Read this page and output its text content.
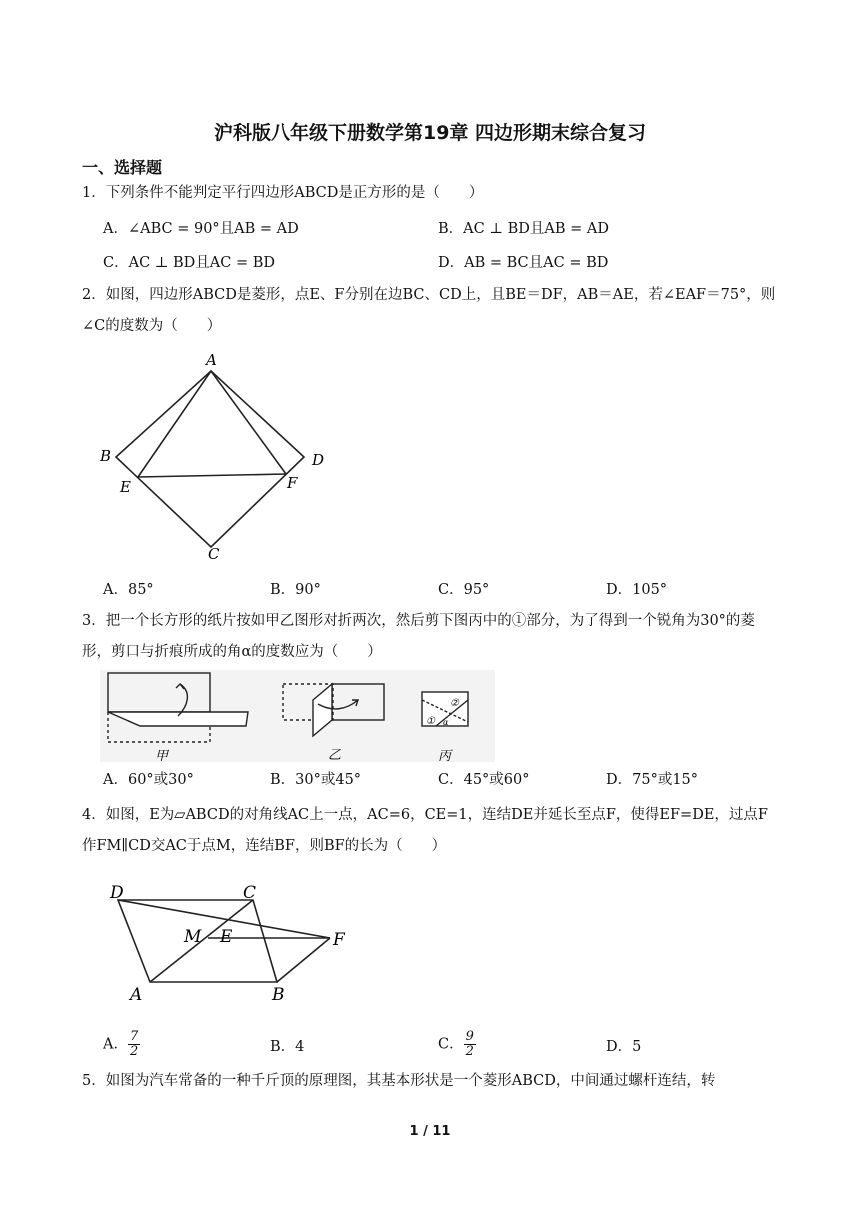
沪科版八年级下册数学第19章 四边形期末综合复习
一、选择题
1．下列条件不能判定平行四边形ABCD是正方形的是（　　）
A．∠ABC = 90°且AB = AD	B．AC ⊥ BD且AB = AD
C．AC ⊥ BD且AC = BD	D．AB = BC且AC = BD
2．如图，四边形ABCD是菱形，点E、F分别在边BC、CD上，且BE＝DF，AB＝AE，若∠EAF＝75°，则∠C的度数为（　　）
A
B
C
D
E	F
A．85°	B．90°	C．95°	D．105°
3．把一个长方形的纸片按如甲乙图形对折两次，然后剪下图丙中的①部分，为了得到一个锐角为30°的菱形，剪口与折痕所成的角α的度数应为（　　）
甲	乙
①
②
α
丙
A．60°或30°	B．30°或45°	C．45°或60°	D．75°或15°
4．如图，E为▱ABCD的对角线AC上一点，AC=6，CE=1，连结DE并延长至点F，使得EF=DE，过点F作FM∥CD交AC于点M，连结BF，则BF的长为（　　）
D	C
M E	F
A	B
A． $\frac{7}{2}$	B．4	C． $\frac{9}{2}$	D．5
5．如图为汽车常备的一种千斤顶的原理图，其基本形状是一个菱形ABCD，中间通过螺杆连结，转
1 / 11
